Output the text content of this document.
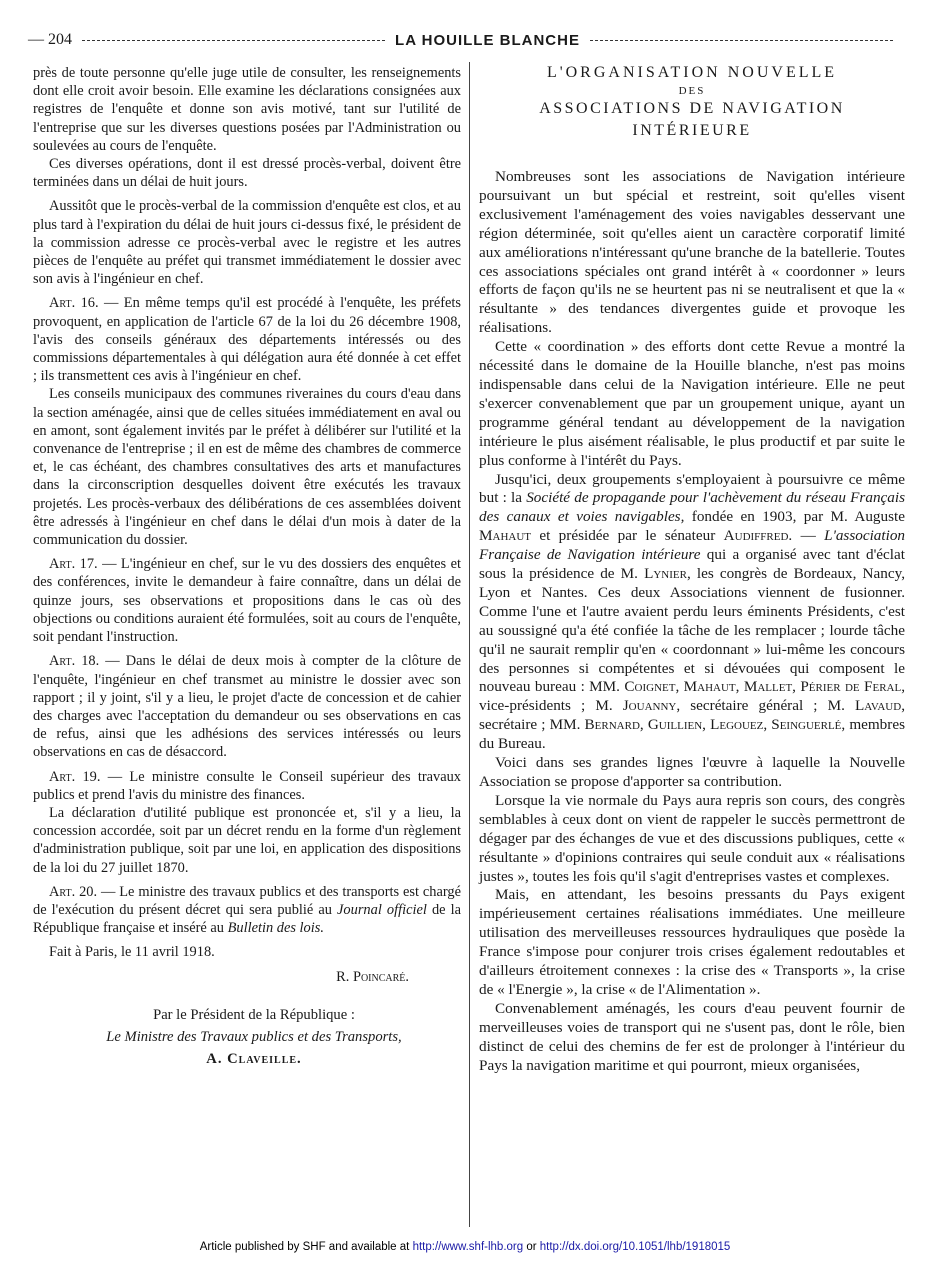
— 204	LA HOUILLE BLANCHE

près de toute personne qu'elle juge utile de consulter, les renseignements dont elle croit avoir besoin. Elle examine les déclarations consignées aux registres de l'enquête et donne son avis motivé, tant sur l'utilité de l'entreprise que sur les diverses questions posées par l'Administration ou soulevées au cours de l'enquête.

Ces diverses opérations, dont il est dressé procès-verbal, doivent être terminées dans un délai de huit jours.

Aussitôt que le procès-verbal de la commission d'enquête est clos, et au plus tard à l'expiration du délai de huit jours ci-dessus fixé, le président de la commission adresse ce procès-verbal avec le registre et les autres pièces de l'enquête au préfet qui transmet immédiatement le dossier avec son avis à l'ingénieur en chef.

Art. 16. — En même temps qu'il est procédé à l'enquête, les préfets provoquent, en application de l'article 67 de la loi du 26 décembre 1908, l'avis des conseils généraux des départements intéressés ou des commissions départementales à qui délégation aura été donnée à cet effet ; ils transmettent ces avis à l'ingénieur en chef.

Les conseils municipaux des communes riveraines du cours d'eau dans la section aménagée, ainsi que de celles situées immédiatement en aval ou en amont, sont également invités par le préfet à délibérer sur l'utilité et la convenance de l'entreprise ; il en est de même des chambres de commerce et, le cas échéant, des chambres consultatives des arts et manufactures dans la circonscription desquelles doivent être exécutés les travaux projetés. Les procès-verbaux des délibérations de ces assemblées doivent être adressés à l'ingénieur en chef dans le délai d'un mois à dater de la communication du dossier.

Art. 17. — L'ingénieur en chef, sur le vu des dossiers des enquêtes et des conférences, invite le demandeur à faire connaître, dans un délai de quinze jours, ses observations et propositions dans le cas où des objections ou conditions auraient été formulées, soit au cours de l'enquête, soit pendant l'instruction.

Art. 18. — Dans le délai de deux mois à compter de la clôture de l'enquête, l'ingénieur en chef transmet au ministre le dossier avec son rapport ; il y joint, s'il y a lieu, le projet d'acte de concession et de cahier des charges avec l'acceptation du demandeur ou ses observations en cas de refus, ainsi que les adhésions des services intéressés ou leurs observations en cas de désaccord.

Art. 19. — Le ministre consulte le Conseil supérieur des travaux publics et prend l'avis du ministre des finances.

La déclaration d'utilité publique est prononcée et, s'il y a lieu, la concession accordée, soit par un décret rendu en la forme d'un règlement d'administration publique, soit par une loi, en application des dispositions de la loi du 27 juillet 1870.

Art. 20. — Le ministre des travaux publics et des transports est chargé de l'exécution du présent décret qui sera publié au Journal officiel de la République française et inséré au Bulletin des lois.

Fait à Paris, le 11 avril 1918.

R. Poincaré.

Par le Président de la République :
Le Ministre des Travaux publics et des Transports,
A. Claveille.
L'ORGANISATION NOUVELLE
DES
ASSOCIATIONS DE NAVIGATION INTÉRIEURE

Nombreuses sont les associations de Navigation intérieure poursuivant un but spécial et restreint, soit qu'elles visent exclusivement l'aménagement des voies navigables desservant une région déterminée, soit qu'elles aient un caractère corporatif limité aux améliorations n'intéressant qu'une branche de la batellerie. Toutes ces associations spéciales ont grand intérêt à « coordonner » leurs efforts de façon qu'ils ne se heurtent pas ni se neutralisent et que la « résultante » des tendances divergentes guide et provoque les réalisations.

Cette « coordination » des efforts dont cette Revue a montré la nécessité dans le domaine de la Houille blanche, n'est pas moins indispensable dans celui de la Navigation intérieure. Elle ne peut s'exercer convenablement que par un groupement unique, ayant un programme général tendant au développement de la navigation intérieure le plus aisément réalisable, le plus productif et par suite le plus conforme à l'intérêt du Pays.

Jusqu'ici, deux groupements s'employaient à poursuivre ce même but : la Société de propagande pour l'achèvement du réseau Français des canaux et voies navigables, fondée en 1903, par M. Auguste Mahaut et présidée par le sénateur Audiffred. — L'association Française de Navigation intérieure qui a organisé avec tant d'éclat sous la présidence de M. Lynier, les congrès de Bordeaux, Nancy, Lyon et Nantes. Ces deux Associations viennent de fusionner. Comme l'une et l'autre avaient perdu leurs éminents Présidents, c'est au soussigné qu'a été confiée la tâche de les remplacer ; lourde tâche qu'il ne saurait remplir qu'en « coordonnant » lui-même les concours des personnes si compétentes et si dévouées qui composent le nouveau bureau : MM. Coignet, Mahaut, Mallet, Périer de Feral, vice-présidents ; M. Jouanny, secrétaire général ; M. Lavaud, secrétaire ; MM. Bernard, Guillien, Legouez, Seinguerlé, membres du Bureau.

Voici dans ses grandes lignes l'œuvre à laquelle la Nouvelle Association se propose d'apporter sa contribution.

Lorsque la vie normale du Pays aura repris son cours, des congrès semblables à ceux dont on vient de rappeler le succès permettront de dégager par des échanges de vue et des discussions publiques, cette « résultante » d'opinions contraires qui seule conduit aux « réalisations justes », toutes les fois qu'il s'agit d'entreprises vastes et complexes.

Mais, en attendant, les besoins pressants du Pays exigent impérieusement certaines réalisations immédiates. Une meilleure utilisation des merveilleuses ressources hydrauliques que posède la France s'impose pour conjurer trois crises également redoutables et d'ailleurs étroitement connexes : la crise des « Transports », la crise de « l'Energie », la crise « de l'Alimentation ».

Convenablement aménagés, les cours d'eau peuvent fournir de merveilleuses voies de transport qui ne s'usent pas, dont le rôle, bien distinct de celui des chemins de fer est de prolonger à l'intérieur du Pays la navigation maritime et qui pourront, mieux organisées,

Article published by SHF and available at http://www.shf-lhb.org or http://dx.doi.org/10.1051/lhb/1918015
